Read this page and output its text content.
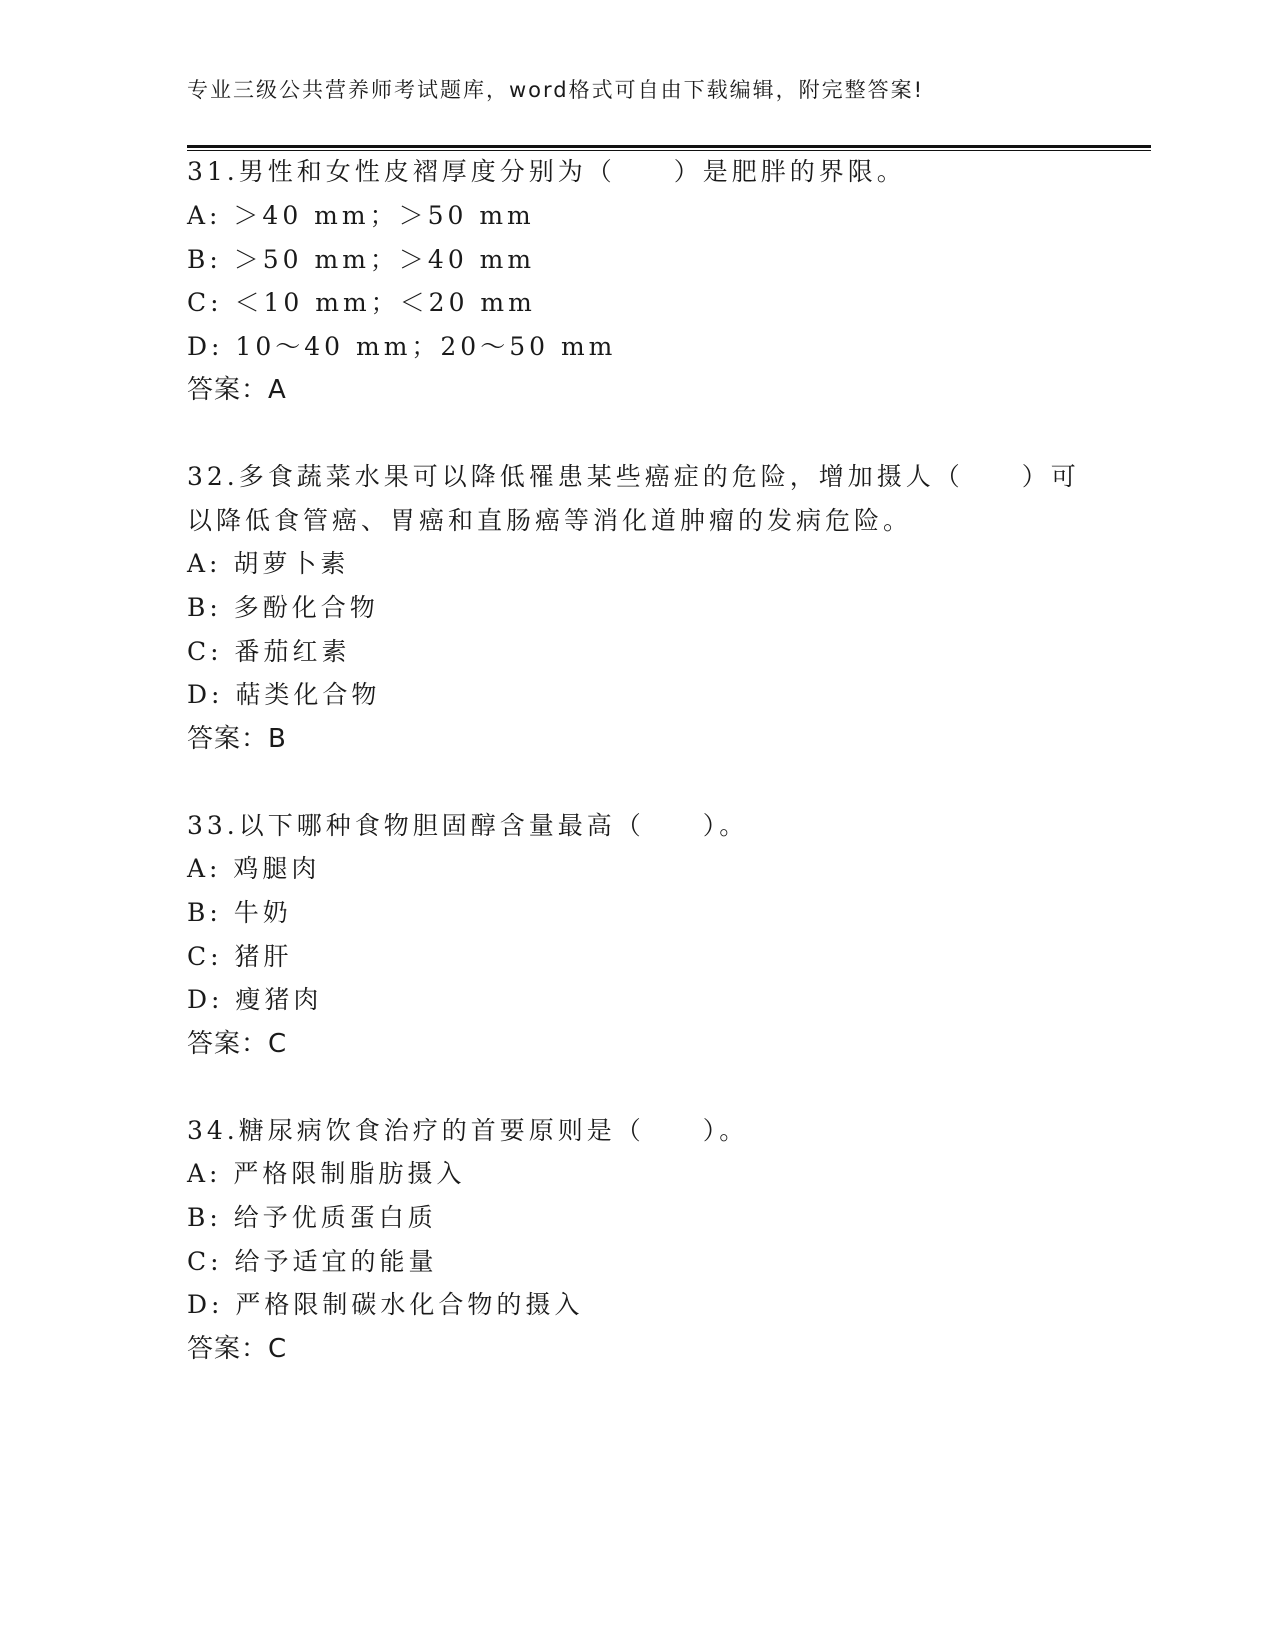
专业三级公共营养师考试题库，word格式可自由下载编辑，附完整答案!
31.男性和女性皮褶厚度分别为（　　）是肥胖的界限。
A: ＞40 mm；＞50 mm
B: ＞50 mm；＞40 mm
C: ＜10 mm；＜20 mm
D: 10～40 mm；20～50 mm
答案：A
32.多食蔬菜水果可以降低罹患某些癌症的危险，增加摄人（　　）可
以降低食管癌、胃癌和直肠癌等消化道肿瘤的发病危险。
A: 胡萝卜素
B: 多酚化合物
C: 番茄红素
D: 萜类化合物
答案：B
33.以下哪种食物胆固醇含量最高（　　）。
A: 鸡腿肉
B: 牛奶
C: 猪肝
D: 瘦猪肉
答案：C
34.糖尿病饮食治疗的首要原则是（　　）。
A: 严格限制脂肪摄入
B: 给予优质蛋白质
C: 给予适宜的能量
D: 严格限制碳水化合物的摄入
答案：C
